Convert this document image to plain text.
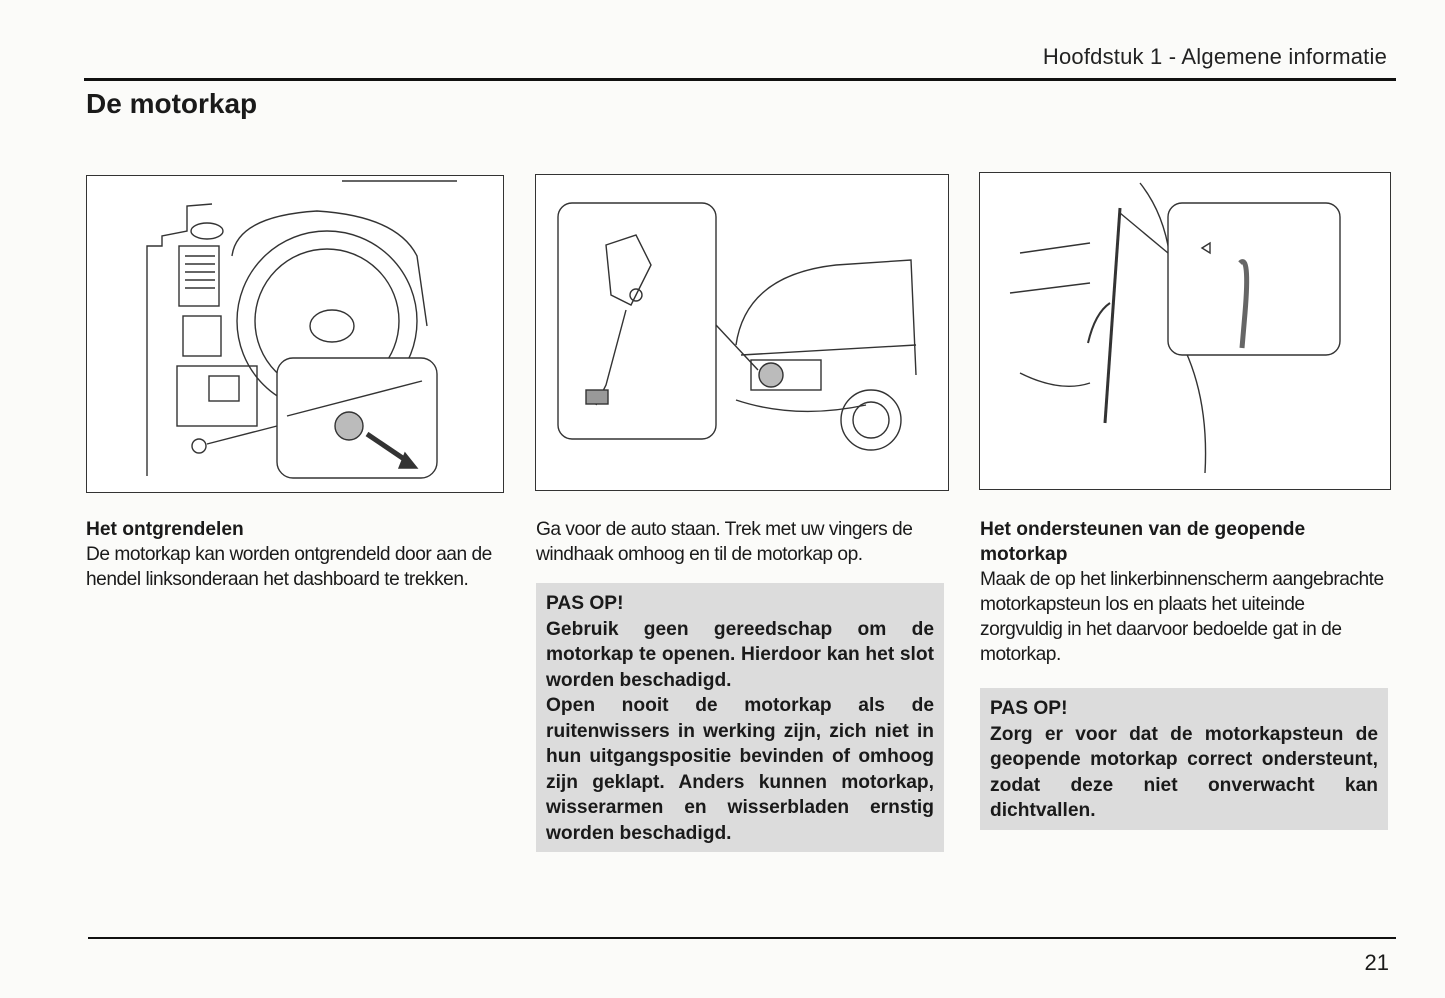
Hoofdstuk 1 - Algemene informatie
De motorkap
Het ontgrendelen
De motorkap kan worden ontgrendeld door aan de hendel linksonderaan het dashboard te trekken.
Ga voor de auto staan. Trek met uw vingers de windhaak omhoog en til de motorkap op.

PAS OP!

Gebruik geen gereedschap om de motorkap te openen. Hierdoor kan het slot worden beschadigd.

Open nooit de motorkap als de ruitenwissers in werking zijn, zich niet in hun uitgangspositie bevinden of omhoog zijn geklapt. Anders kunnen motorkap, wisserarmen en wisserbladen ernstig worden beschadigd.

Het ondersteunen van de geopende motorkap
Maak de op het linkerbinnenscherm aangebrachte motorkapsteun los en plaats het uiteinde zorgvuldig in het daarvoor bedoelde gat in de motorkap.

PAS OP!

Zorg er voor dat de motorkapsteun de geopende motorkap correct ondersteunt, zodat deze niet onverwacht kan dichtvallen.

21
